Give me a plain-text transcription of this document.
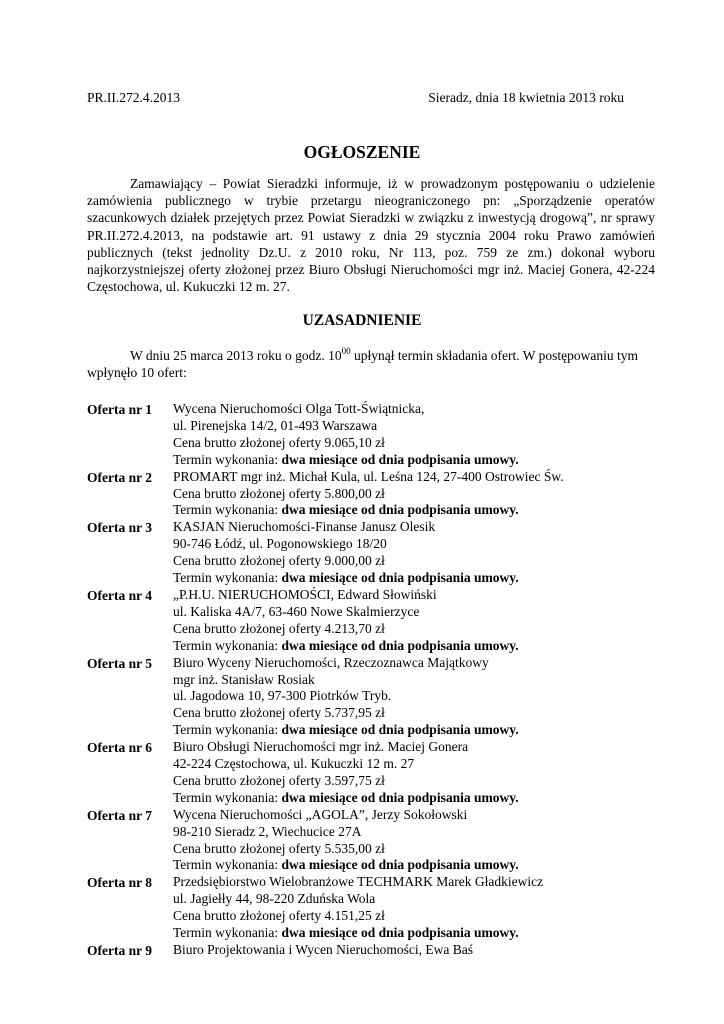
PR.II.272.4.2013	Sieradz, dnia 18 kwietnia 2013 roku
OGŁOSZENIE
Zamawiający – Powiat Sieradzki informuje, iż w prowadzonym postępowaniu o udzielenie zamówienia publicznego w trybie przetargu nieograniczonego pn: „Sporządzenie operatów szacunkowych działek przejętych przez Powiat Sieradzki w związku z inwestycją drogową”, nr sprawy PR.II.272.4.2013, na podstawie art. 91 ustawy z dnia 29 stycznia 2004 roku Prawo zamówień publicznych (tekst jednolity Dz.U. z 2010 roku, Nr 113, poz. 759 ze zm.) dokonał wyboru najkorzystniejszej oferty złożonej przez Biuro Obsługi Nieruchomości mgr inż. Maciej Gonera, 42-224 Częstochowa, ul. Kukuczki 12 m. 27.
UZASADNIENIE
W dniu 25 marca 2013 roku o godz. $10^{00}$ upłynął termin składania ofert. W postępowaniu tym wpłynęło 10 ofert:
Oferta nr 1	Wycena Nieruchomości Olga Tott-Świątnicka,
ul. Pirenejska 14/2, 01-493 Warszawa
Cena brutto złożonej oferty 9.065,10 zł
Termin wykonania: dwa miesiące od dnia podpisania umowy.
Oferta nr 2	PROMART mgr inż. Michał Kula, ul. Leśna 124, 27-400 Ostrowiec Św.
Cena brutto złożonej oferty 5.800,00 zł
Termin wykonania: dwa miesiące od dnia podpisania umowy.
Oferta nr 3	KASJAN Nieruchomości-Finanse Janusz Olesik
90-746 Łódź, ul. Pogonowskiego 18/20
Cena brutto złożonej oferty 9.000,00 zł
Termin wykonania: dwa miesiące od dnia podpisania umowy.
Oferta nr 4	„P.H.U. NIERUCHOMOŚCI, Edward Słowiński
ul. Kaliska 4A/7, 63-460 Nowe Skalmierzyce
Cena brutto złożonej oferty 4.213,70 zł
Termin wykonania: dwa miesiące od dnia podpisania umowy.
Oferta nr 5	Biuro Wyceny Nieruchomości, Rzeczoznawca Majątkowy
mgr inż. Stanisław Rosiak
ul. Jagodowa 10, 97-300 Piotrków Tryb.
Cena brutto złożonej oferty 5.737,95 zł
Termin wykonania: dwa miesiące od dnia podpisania umowy.
Oferta nr 6	Biuro Obsługi Nieruchomości mgr inż. Maciej Gonera
42-224 Częstochowa, ul. Kukuczki 12 m. 27
Cena brutto złożonej oferty 3.597,75 zł
Termin wykonania: dwa miesiące od dnia podpisania umowy.
Oferta nr 7	Wycena Nieruchomości „AGOLA”, Jerzy Sokołowski
98-210 Sieradz 2, Wiechucice 27A
Cena brutto złożonej oferty 5.535,00 zł
Termin wykonania: dwa miesiące od dnia podpisania umowy.
Oferta nr 8	Przedsiębiorstwo Wielobranżowe TECHMARK Marek Gładkiewicz
ul. Jagiełły 44, 98-220 Zduńska Wola
Cena brutto złożonej oferty 4.151,25 zł
Termin wykonania: dwa miesiące od dnia podpisania umowy.
Oferta nr 9	Biuro Projektowania i Wycen Nieruchomości, Ewa Baś
